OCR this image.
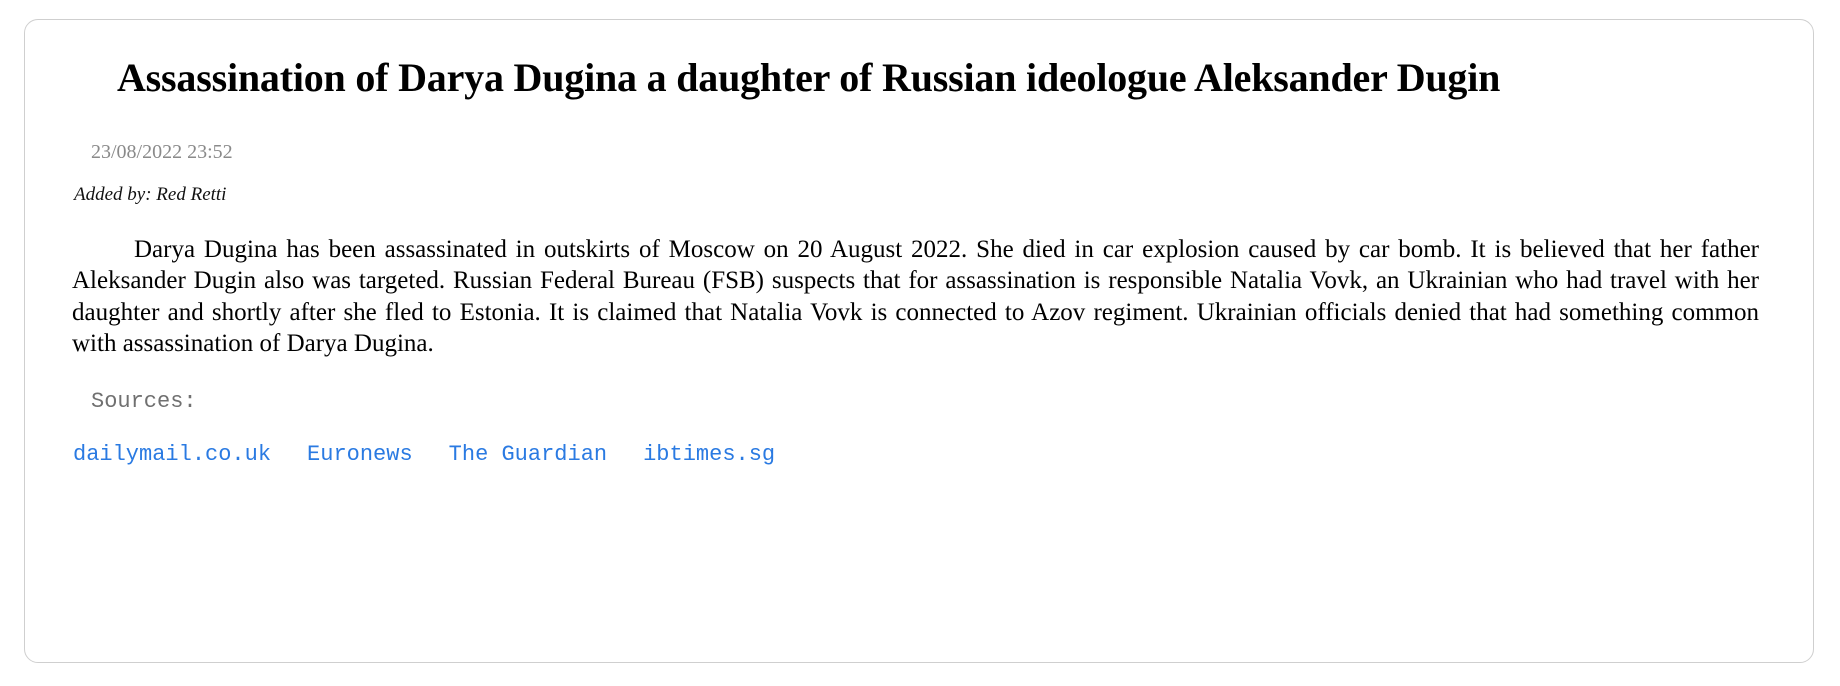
Assassination of Darya Dugina a daughter of Russian ideologue Aleksander Dugin
23/08/2022 23:52
Added by: Red Retti

Darya Dugina has been assassinated in outskirts of Moscow on 20 August 2022. She died in car explosion caused by car bomb. It is believed that her father Aleksander Dugin also was targeted. Russian Federal Bureau (FSB) suspects that for assassination is responsible Natalia Vovk, an Ukrainian who had travel with her daughter and shortly after she fled to Estonia. It is claimed that Natalia Vovk is connected to Azov regiment. Ukrainian officials denied that had something common with assassination of Darya Dugina.

Sources:
dailymail.co.uk Euronews The Guardian ibtimes.sg
